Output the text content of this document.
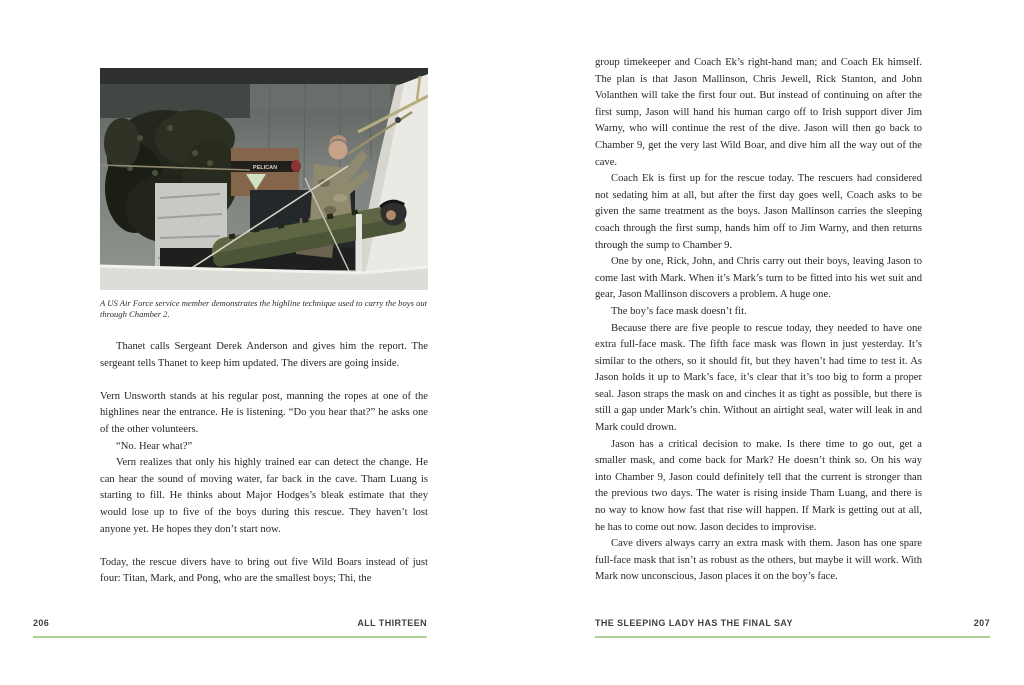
PELICAN
A US Air Force service member demonstrates the highline technique used to carry the boys out through Chamber 2.

Thanet calls Sergeant Derek Anderson and gives him the report. The sergeant tells Thanet to keep him updated. The divers are going inside.

Vern Unsworth stands at his regular post, manning the ropes at one of the highlines near the entrance. He is listening. “Do you hear that?” he asks one of the other volunteers.

“No. Hear what?”

Vern realizes that only his highly trained ear can detect the change. He can hear the sound of moving water, far back in the cave. Tham Luang is starting to fill. He thinks about Major Hodges’s bleak estimate that they would lose up to five of the boys during this rescue. They haven’t lost anyone yet. He hopes they don’t start now.

Today, the rescue divers have to bring out five Wild Boars instead of just four: Titan, Mark, and Pong, who are the smallest boys; Thi, the

206	ALL THIRTEEN

group timekeeper and Coach Ek’s right-hand man; and Coach Ek himself. The plan is that Jason Mallinson, Chris Jewell, Rick Stanton, and John Volanthen will take the first four out. But instead of continuing on after the first sump, Jason will hand his human cargo off to Irish support diver Jim Warny, who will continue the rest of the dive. Jason will then go back to Chamber 9, get the very last Wild Boar, and dive him all the way out of the cave.

Coach Ek is first up for the rescue today. The rescuers had considered not sedating him at all, but after the first day goes well, Coach asks to be given the same treatment as the boys. Jason Mallinson carries the sleeping coach through the first sump, hands him off to Jim Warny, and then returns through the sump to Chamber 9.

One by one, Rick, John, and Chris carry out their boys, leaving Jason to come last with Mark. When it’s Mark’s turn to be fitted into his wet suit and gear, Jason Mallinson discovers a problem. A huge one.

The boy’s face mask doesn’t fit.

Because there are five people to rescue today, they needed to have one extra full-face mask. The fifth face mask was flown in just yesterday. It’s similar to the others, so it should fit, but they haven’t had time to test it. As Jason holds it up to Mark’s face, it’s clear that it’s too big to form a proper seal. Jason straps the mask on and cinches it as tight as possible, but there is still a gap under Mark’s chin. Without an airtight seal, water will leak in and Mark could drown.

Jason has a critical decision to make. Is there time to go out, get a smaller mask, and come back for Mark? He doesn’t think so. On his way into Chamber 9, Jason could definitely tell that the current is stronger than the previous two days. The water is rising inside Tham Luang, and there is no way to know how fast that rise will happen. If Mark is getting out at all, he has to come out now. Jason decides to improvise.

Cave divers always carry an extra mask with them. Jason has one spare full-face mask that isn’t as robust as the others, but maybe it will work. With Mark now unconscious, Jason places it on the boy’s face.

THE SLEEPING LADY HAS THE FINAL SAY	207
